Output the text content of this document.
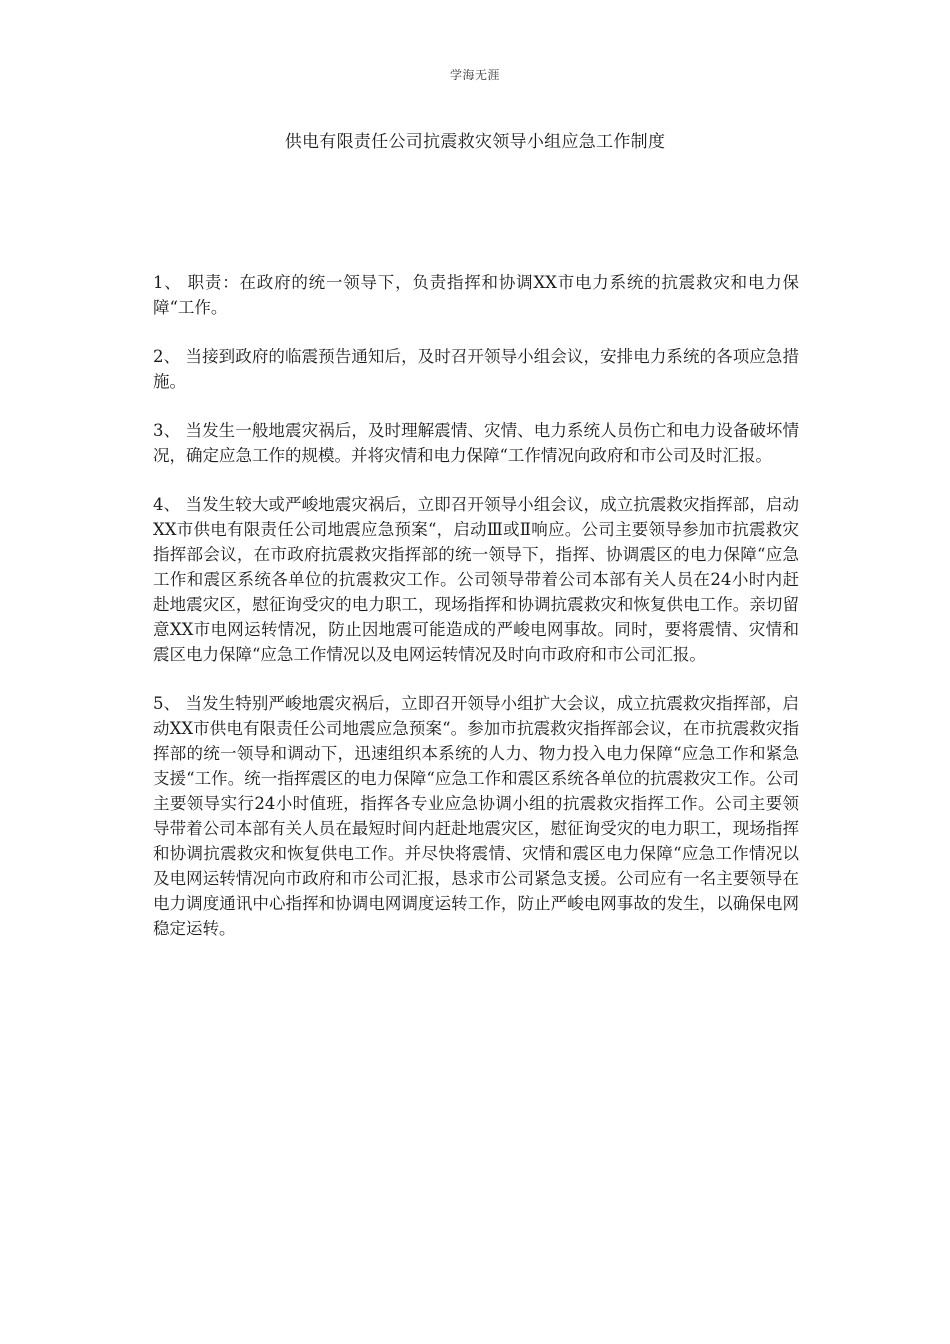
学海无涯
供电有限责任公司抗震救灾领导小组应急工作制度

1、 职责：在政府的统一领导下，负责指挥和协调XX市电力系统的抗震救灾和电力保障“工作。

2、 当接到政府的临震预告通知后，及时召开领导小组会议，安排电力系统的各项应急措施。

3、 当发生一般地震灾祸后，及时理解震情、灾情、电力系统人员伤亡和电力设备破坏情况，确定应急工作的规模。并将灾情和电力保障“工作情况向政府和市公司及时汇报。

4、 当发生较大或严峻地震灾祸后，立即召开领导小组会议，成立抗震救灾指挥部，启动XX市供电有限责任公司地震应急预案“，启动Ⅲ或Ⅱ响应。公司主要领导参加市抗震救灾指挥部会议，在市政府抗震救灾指挥部的统一领导下，指挥、协调震区的电力保障“应急工作和震区系统各单位的抗震救灾工作。公司领导带着公司本部有关人员在24小时内赶赴地震灾区，慰征询受灾的电力职工，现场指挥和协调抗震救灾和恢复供电工作。亲切留意XX市电网运转情况，防止因地震可能造成的严峻电网事故。同时，要将震情、灾情和震区电力保障“应急工作情况以及电网运转情况及时向市政府和市公司汇报。

5、 当发生特别严峻地震灾祸后，立即召开领导小组扩大会议，成立抗震救灾指挥部，启动XX市供电有限责任公司地震应急预案“。参加市抗震救灾指挥部会议，在市抗震救灾指挥部的统一领导和调动下，迅速组织本系统的人力、物力投入电力保障“应急工作和紧急支援“工作。统一指挥震区的电力保障“应急工作和震区系统各单位的抗震救灾工作。公司主要领导实行24小时值班，指挥各专业应急协调小组的抗震救灾指挥工作。公司主要领导带着公司本部有关人员在最短时间内赶赴地震灾区，慰征询受灾的电力职工，现场指挥和协调抗震救灾和恢复供电工作。并尽快将震情、灾情和震区电力保障“应急工作情况以及电网运转情况向市政府和市公司汇报，恳求市公司紧急支援。公司应有一名主要领导在电力调度通讯中心指挥和协调电网调度运转工作，防止严峻电网事故的发生，以确保电网稳定运转。
